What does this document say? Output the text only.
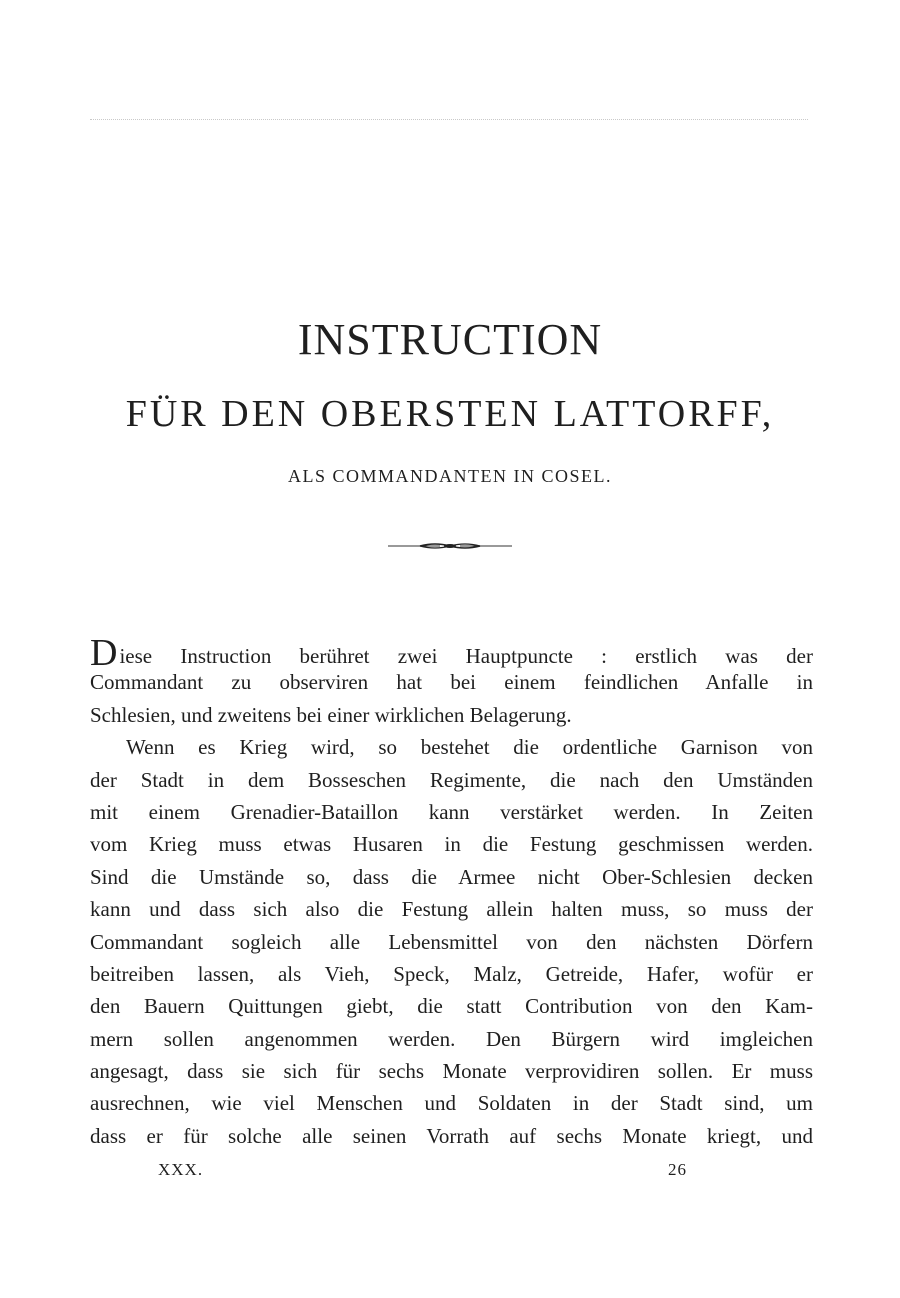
INSTRUCTION
FÜR DEN OBERSTEN LATTORFF,
ALS COMMANDANTEN IN COSEL.
Diese Instruction berühret zwei Hauptpuncte : erstlich was der
Commandant zu observiren hat bei einem feindlichen Anfalle in
Schlesien, und zweitens bei einer wirklichen Belagerung.
Wenn es Krieg wird, so bestehet die ordentliche Garnison von
der Stadt in dem Bosseschen Regimente, die nach den Umständen
mit einem Grenadier-Bataillon kann verstärket werden. In Zeiten
vom Krieg muss etwas Husaren in die Festung geschmissen werden.
Sind die Umstände so, dass die Armee nicht Ober-Schlesien decken
kann und dass sich also die Festung allein halten muss, so muss der
Commandant sogleich alle Lebensmittel von den nächsten Dörfern
beitreiben lassen, als Vieh, Speck, Malz, Getreide, Hafer, wofür er
den Bauern Quittungen giebt, die statt Contribution von den Kam-
mern sollen angenommen werden. Den Bürgern wird imgleichen
angesagt, dass sie sich für sechs Monate verprovidiren sollen. Er muss
ausrechnen, wie viel Menschen und Soldaten in der Stadt sind, um
dass er für solche alle seinen Vorrath auf sechs Monate kriegt, und
XXX.	26
